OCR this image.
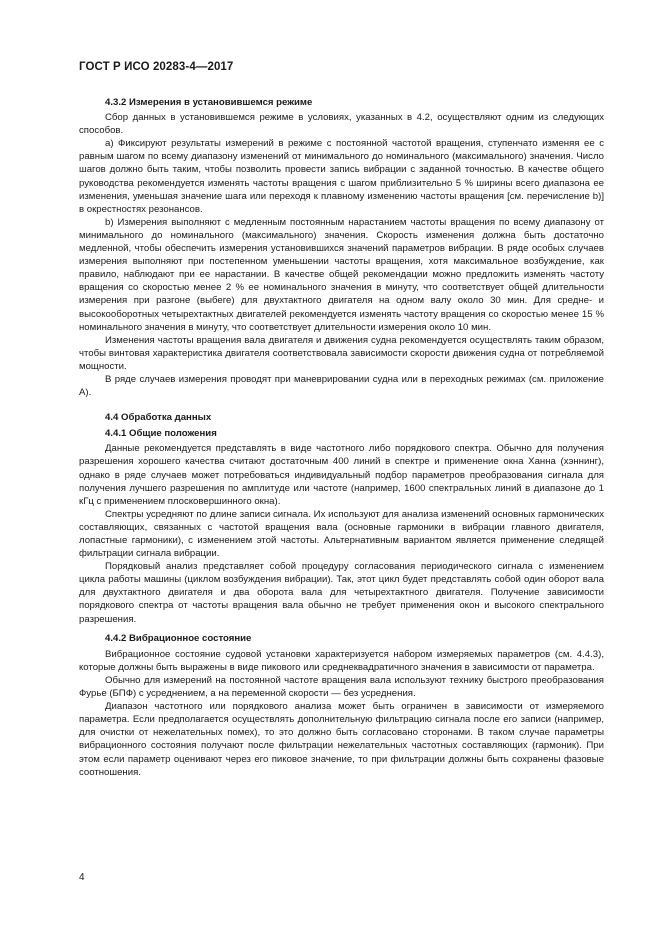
ГОСТ Р ИСО 20283-4—2017
4.3.2 Измерения в установившемся режиме

Сбор данных в установившемся режиме в условиях, указанных в 4.2, осуществляют одним из следующих способов.

а) Фиксируют результаты измерений в режиме с постоянной частотой вращения, ступенчато изменяя ее с равным шагом по всему диапазону изменений от минимального до номинального (максимального) значения. Число шагов должно быть таким, чтобы позволить провести запись вибрации с заданной точностью. В качестве общего руководства рекомендуется изменять частоты вращения с шагом приблизительно 5 % ширины всего диапазона ее изменения, уменьшая значение шага или переходя к плавному изменению частоты вращения [см. перечисление b)] в окрестностях резонансов.

b) Измерения выполняют с медленным постоянным нарастанием частоты вращения по всему диапазону от минимального до номинального (максимального) значения. Скорость изменения должна быть достаточно медленной, чтобы обеспечить измерения установившихся значений параметров вибрации. В ряде особых случаев измерения выполняют при постепенном уменьшении частоты вращения, хотя максимальное возбуждение, как правило, наблюдают при ее нарастании. В качестве общей рекомендации можно предложить изменять частоту вращения со скоростью менее 2 % ее номинального значения в минуту, что соответствует общей длительности измерения при разгоне (выбеге) для двухтактного двигателя на одном валу около 30 мин. Для средне- и высокооборотных четырехтактных двигателей рекомендуется изменять частоту вращения со скоростью менее 15 % номинального значения в минуту, что соответствует длительности измерения около 10 мин.

Изменения частоты вращения вала двигателя и движения судна рекомендуется осуществлять таким образом, чтобы винтовая характеристика двигателя соответствовала зависимости скорости движения судна от потребляемой мощности.

В ряде случаев измерения проводят при маневрировании судна или в переходных режимах (см. приложение А).

4.4 Обработка данных
4.4.1 Общие положения

Данные рекомендуется представлять в виде частотного либо порядкового спектра. Обычно для получения разрешения хорошего качества считают достаточным 400 линий в спектре и применение окна Ханна (хэннинг), однако в ряде случаев может потребоваться индивидуальный подбор параметров преобразования сигнала для получения лучшего разрешения по амплитуде или частоте (например, 1600 спектральных линий в диапазоне до 1 кГц с применением плосковершинного окна).

Спектры усредняют по длине записи сигнала. Их используют для анализа изменений основных гармонических составляющих, связанных с частотой вращения вала (основные гармоники в вибрации главного двигателя, лопастные гармоники), с изменением этой частоты. Альтернативным вариантом является применение следящей фильтрации сигнала вибрации.

Порядковый анализ представляет собой процедуру согласования периодического сигнала с изменением цикла работы машины (циклом возбуждения вибрации). Так, этот цикл будет представлять собой один оборот вала для двухтактного двигателя и два оборота вала для четырехтактного двигателя. Получение зависимости порядкового спектра от частоты вращения вала обычно не требует применения окон и высокого спектрального разрешения.

4.4.2 Вибрационное состояние

Вибрационное состояние судовой установки характеризуется набором измеряемых параметров (см. 4.4.3), которые должны быть выражены в виде пикового или среднеквадратичного значения в зависимости от параметра.

Обычно для измерений на постоянной частоте вращения вала используют технику быстрого преобразования Фурье (БПФ) с усреднением, а на переменной скорости — без усреднения.

Диапазон частотного или порядкового анализа может быть ограничен в зависимости от измеряемого параметра. Если предполагается осуществлять дополнительную фильтрацию сигнала после его записи (например, для очистки от нежелательных помех), то это должно быть согласовано сторонами. В таком случае параметры вибрационного состояния получают после фильтрации нежелательных частотных составляющих (гармоник). При этом если параметр оценивают через его пиковое значение, то при фильтрации должны быть сохранены фазовые соотношения.

4
